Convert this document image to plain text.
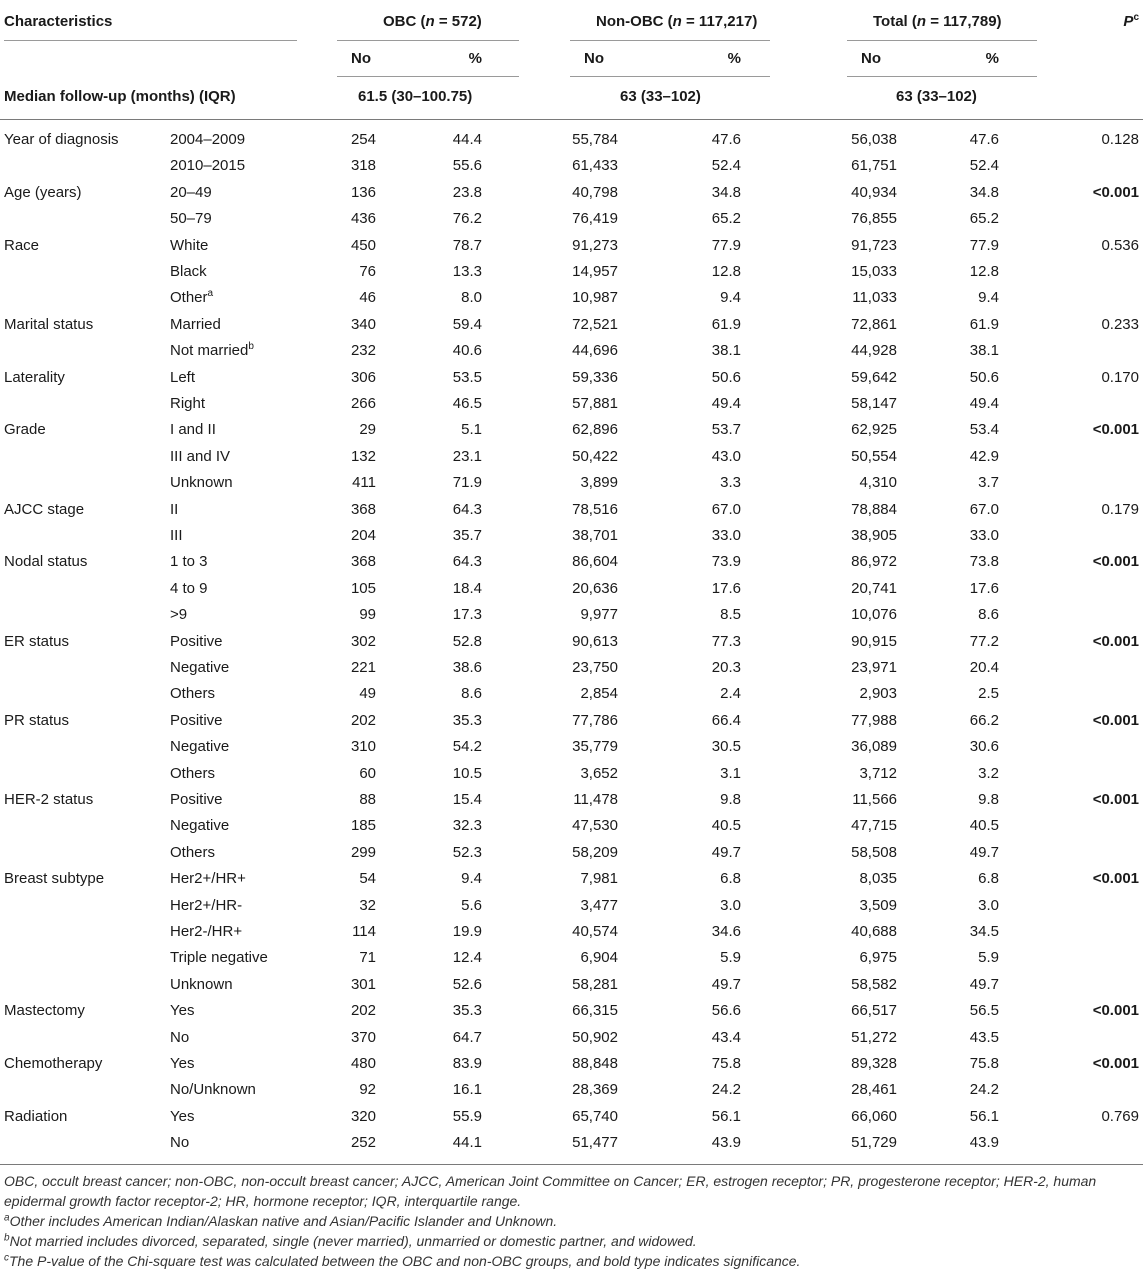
Characteristics	OBC (n = 572)	Non-OBC (n = 117,217)	Total (n = 117,789)	$P^c$
No	%	No	%	No	%
Median follow-up (months) (IQR)	61.5 (30–100.75)	63 (33–102)	63 (33–102)
Year of diagnosis	2004–2009	254	44.4	55,784	47.6	56,038	47.6	0.128
2010–2015	318	55.6	61,433	52.4	61,751	52.4
Age (years)	20–49	136	23.8	40,798	34.8	40,934	34.8	<0.001
50–79	436	76.2	76,419	65.2	76,855	65.2
Race	White	450	78.7	91,273	77.9	91,723	77.9	0.536
Black	76	13.3	14,957	12.8	15,033	12.8
Other$^a$	46	8.0	10,987	9.4	11,033	9.4
Marital status	Married	340	59.4	72,521	61.9	72,861	61.9	0.233
Not married$^b$	232	40.6	44,696	38.1	44,928	38.1
Laterality	Left	306	53.5	59,336	50.6	59,642	50.6	0.170
Right	266	46.5	57,881	49.4	58,147	49.4
Grade	I and II	29	5.1	62,896	53.7	62,925	53.4	<0.001
III and IV	132	23.1	50,422	43.0	50,554	42.9
Unknown	411	71.9	3,899	3.3	4,310	3.7
AJCC stage	II	368	64.3	78,516	67.0	78,884	67.0	0.179
III	204	35.7	38,701	33.0	38,905	33.0
Nodal status	1 to 3	368	64.3	86,604	73.9	86,972	73.8	<0.001
4 to 9	105	18.4	20,636	17.6	20,741	17.6
>9	99	17.3	9,977	8.5	10,076	8.6
ER status	Positive	302	52.8	90,613	77.3	90,915	77.2	<0.001
Negative	221	38.6	23,750	20.3	23,971	20.4
Others	49	8.6	2,854	2.4	2,903	2.5
PR status	Positive	202	35.3	77,786	66.4	77,988	66.2	<0.001
Negative	310	54.2	35,779	30.5	36,089	30.6
Others	60	10.5	3,652	3.1	3,712	3.2
HER-2 status	Positive	88	15.4	11,478	9.8	11,566	9.8	<0.001
Negative	185	32.3	47,530	40.5	47,715	40.5
Others	299	52.3	58,209	49.7	58,508	49.7
Breast subtype	Her2+/HR+	54	9.4	7,981	6.8	8,035	6.8	<0.001
Her2+/HR-	32	5.6	3,477	3.0	3,509	3.0
Her2-/HR+	114	19.9	40,574	34.6	40,688	34.5
Triple negative	71	12.4	6,904	5.9	6,975	5.9
Unknown	301	52.6	58,281	49.7	58,582	49.7
Mastectomy	Yes	202	35.3	66,315	56.6	66,517	56.5	<0.001
No	370	64.7	50,902	43.4	51,272	43.5
Chemotherapy	Yes	480	83.9	88,848	75.8	89,328	75.8	<0.001
No/Unknown	92	16.1	28,369	24.2	28,461	24.2
Radiation	Yes	320	55.9	65,740	56.1	66,060	56.1	0.769
No	252	44.1	51,477	43.9	51,729	43.9

OBC, occult breast cancer; non-OBC, non-occult breast cancer; AJCC, American Joint Committee on Cancer; ER, estrogen receptor; PR, progesterone receptor; HER-2, human epidermal growth factor receptor-2; HR, hormone receptor; IQR, interquartile range.

$^a$Other includes American Indian/Alaskan native and Asian/Pacific Islander and Unknown.

$^b$Not married includes divorced, separated, single (never married), unmarried or domestic partner, and widowed.

$^c$The P-value of the Chi-square test was calculated between the OBC and non-OBC groups, and bold type indicates significance.
